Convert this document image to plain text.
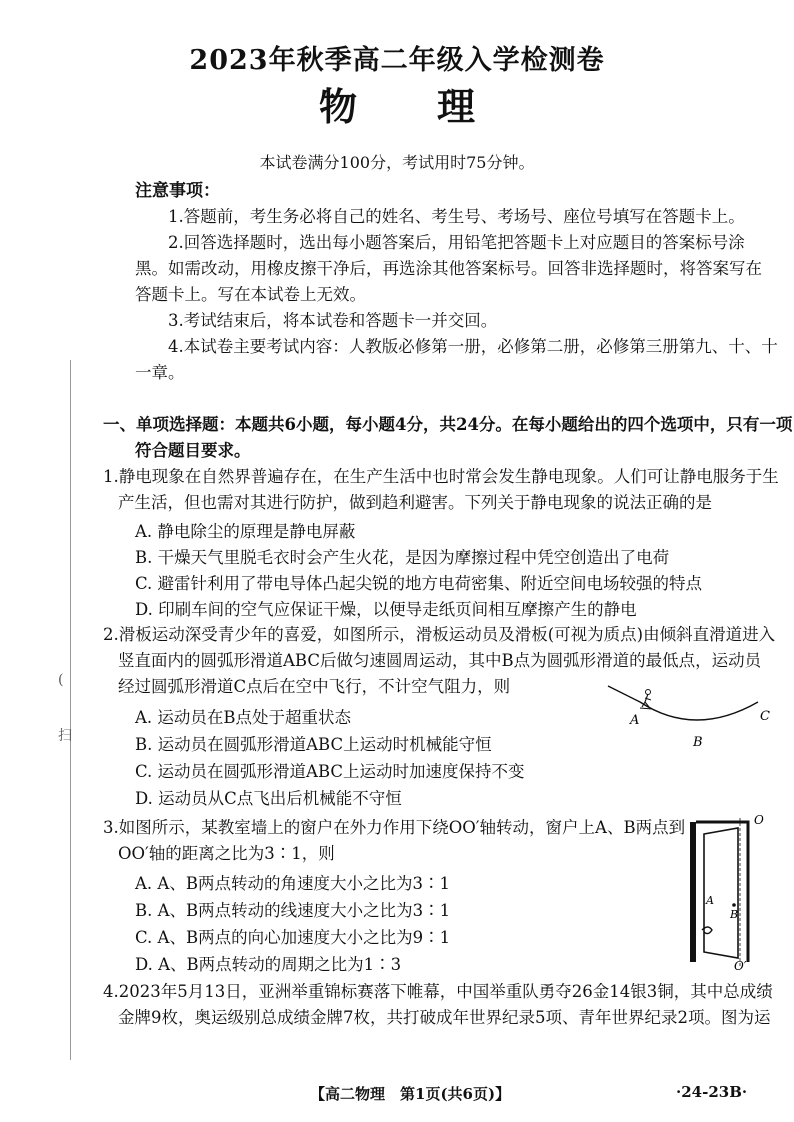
(
扫
2023年秋季高二年级入学检测卷
物理
本试卷满分100分，考试用时75分钟。
注意事项：
1.答题前，考生务必将自己的姓名、考生号、考场号、座位号填写在答题卡上。
2.回答选择题时，选出每小题答案后，用铅笔把答题卡上对应题目的答案标号涂
黑。如需改动，用橡皮擦干净后，再选涂其他答案标号。回答非选择题时，将答案写在
答题卡上。写在本试卷上无效。
3.考试结束后，将本试卷和答题卡一并交回。
4.本试卷主要考试内容：人教版必修第一册，必修第二册，必修第三册第九、十、十
一章。
一、单项选择题：本题共6小题，每小题4分，共24分。在每小题给出的四个选项中，只有一项
符合题目要求。
1.静电现象在自然界普遍存在，在生产生活中也时常会发生静电现象。人们可让静电服务于生
产生活，但也需对其进行防护，做到趋利避害。下列关于静电现象的说法正确的是
A. 静电除尘的原理是静电屏蔽
B. 干燥天气里脱毛衣时会产生火花，是因为摩擦过程中凭空创造出了电荷
C. 避雷针利用了带电导体凸起尖锐的地方电荷密集、附近空间电场较强的特点
D. 印刷车间的空气应保证干燥，以便导走纸页间相互摩擦产生的静电
2.滑板运动深受青少年的喜爱，如图所示，滑板运动员及滑板(可视为质点)由倾斜直滑道进入
竖直面内的圆弧形滑道ABC后做匀速圆周运动，其中B点为圆弧形滑道的最低点，运动员
经过圆弧形滑道C点后在空中飞行，不计空气阻力，则
A. 运动员在B点处于超重状态
B. 运动员在圆弧形滑道ABC上运动时机械能守恒
C. 运动员在圆弧形滑道ABC上运动时加速度保持不变
D. 运动员从C点飞出后机械能不守恒
A
B
C
3.如图所示，某教室墙上的窗户在外力作用下绕OO′轴转动，窗户上A、B两点到
OO′轴的距离之比为3∶1，则
A. A、B两点转动的角速度大小之比为3∶1
B. A、B两点转动的线速度大小之比为3∶1
C. A、B两点的向心加速度大小之比为9∶1
D. A、B两点转动的周期之比为1∶3
O
O′
A
B
4.2023年5月13日，亚洲举重锦标赛落下帷幕，中国举重队勇夺26金14银3铜，其中总成绩
金牌9枚，奥运级别总成绩金牌7枚，共打破成年世界纪录5项、青年世界纪录2项。图为运
【高二物理　第1页(共6页)】	·24-23B·
